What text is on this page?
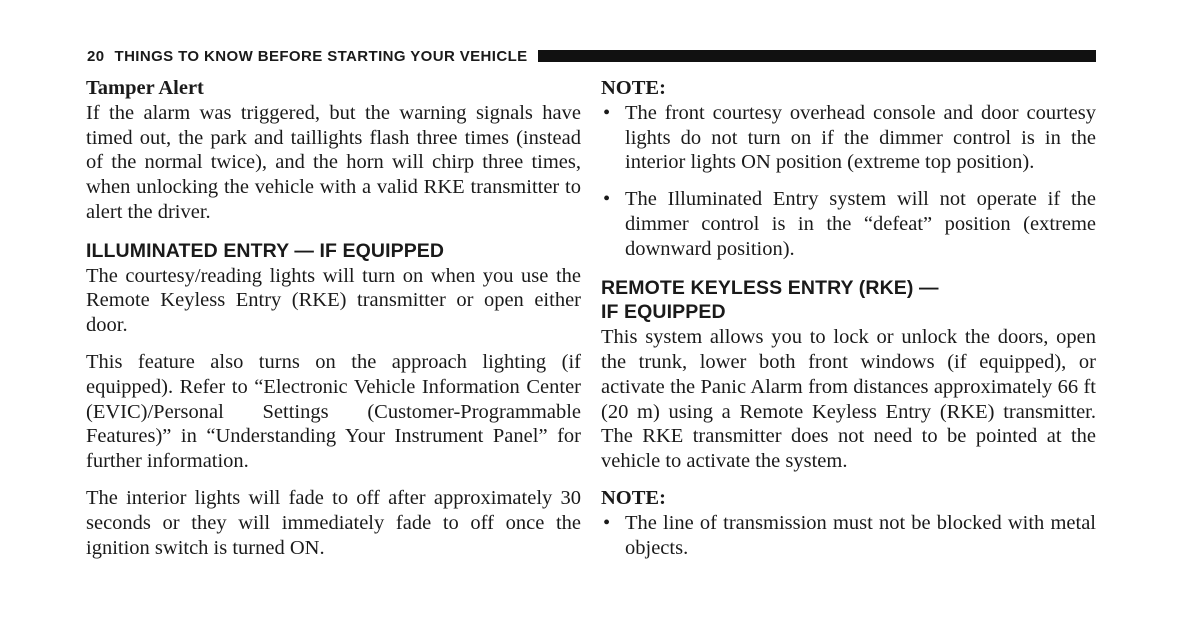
20 THINGS TO KNOW BEFORE STARTING YOUR VEHICLE
Tamper Alert

If the alarm was triggered, but the warning signals have timed out, the park and taillights flash three times (instead of the normal twice), and the horn will chirp three times, when unlocking the vehicle with a valid RKE transmitter to alert the driver.

ILLUMINATED ENTRY — IF EQUIPPED

The courtesy/reading lights will turn on when you use the Remote Keyless Entry (RKE) transmitter or open either door.

This feature also turns on the approach lighting (if equipped). Refer to “Electronic Vehicle Information Center (EVIC)/Personal Settings (Customer-Programmable Features)” in “Understanding Your Instrument Panel” for further information.

The interior lights will fade to off after approximately 30 seconds or they will immediately fade to off once the ignition switch is turned ON.

NOTE:
• The front courtesy overhead console and door courtesy lights do not turn on if the dimmer control is in the interior lights ON position (extreme top position).
• The Illuminated Entry system will not operate if the dimmer control is in the “defeat” position (extreme downward position).
REMOTE KEYLESS ENTRY (RKE) —
IF EQUIPPED

This system allows you to lock or unlock the doors, open the trunk, lower both front windows (if equipped), or activate the Panic Alarm from distances approximately 66 ft (20 m) using a Remote Keyless Entry (RKE) transmitter. The RKE transmitter does not need to be pointed at the vehicle to activate the system.

NOTE:
• The line of transmission must not be blocked with metal objects.
